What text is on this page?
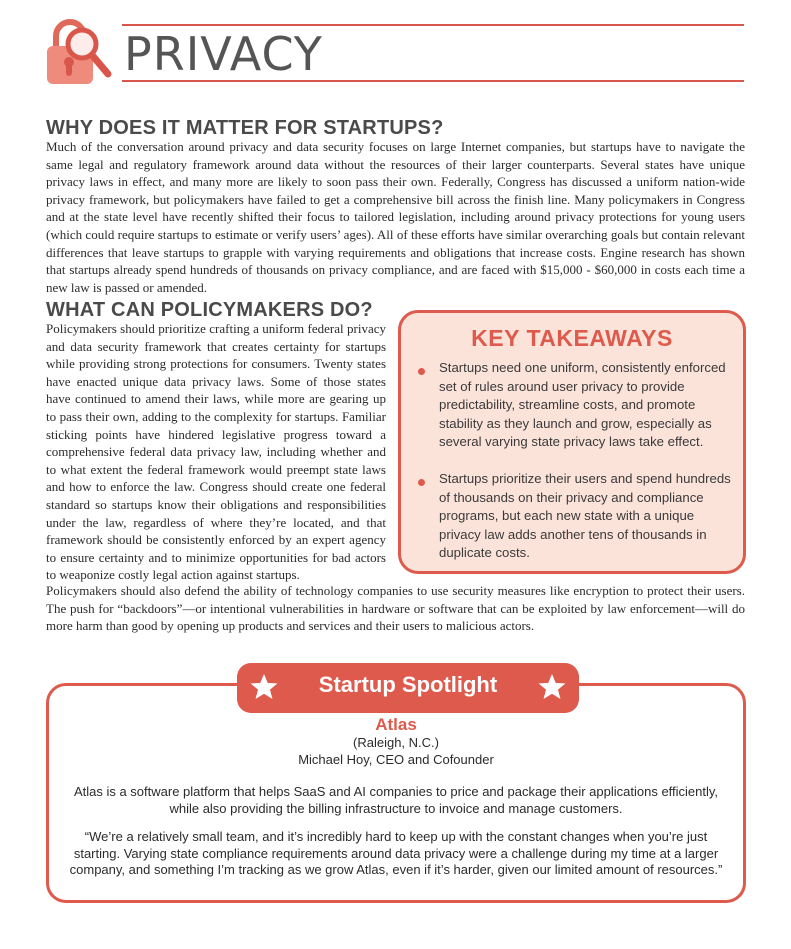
PRIVACY
WHY DOES IT MATTER FOR STARTUPS?

Much of the conversation around privacy and data security focuses on large Internet companies, but startups have to navigate the same legal and regulatory framework around data without the resources of their larger counterparts. Several states have unique privacy laws in effect, and many more are likely to soon pass their own. Federally, Congress has discussed a uniform nation-wide privacy framework, but policymakers have failed to get a comprehensive bill across the finish line. Many policymakers in Congress and at the state level have recently shifted their focus to tailored legislation, including around privacy protections for young users (which could require startups to estimate or verify users’ ages). All of these efforts have similar overarching goals but contain relevant differences that leave startups to grapple with varying requirements and obligations that increase costs. Engine research has shown that startups already spend hundreds of thousands on privacy compliance, and are faced with $15,000 - $60,000 in costs each time a new law is passed or amended.

WHAT CAN POLICYMAKERS DO?

Policymakers should prioritize crafting a uniform federal privacy and data security framework that creates certainty for startups while providing strong protections for consumers. Twenty states have enacted unique data privacy laws. Some of those states have continued to amend their laws, while more are gearing up to pass their own, adding to the complexity for startups. Familiar sticking points have hindered legislative progress toward a comprehensive federal data privacy law, including whether and to what extent the federal framework would preempt state laws and how to enforce the law. Congress should create one federal standard so startups know their obligations and responsibilities under the law, regardless of where they’re located, and that framework should be consistently enforced by an expert agency to ensure certainty and to minimize opportunities for bad actors to weaponize costly legal action against startups.

KEY TAKEAWAYS
Startups need one uniform, consistently enforced set of rules around user privacy to provide predictability, streamline costs, and promote stability as they launch and grow, especially as several varying state privacy laws take effect.
Startups prioritize their users and spend hundreds of thousands on their privacy and compliance programs, but each new state with a unique privacy law adds another tens of thousands in duplicate costs.

Policymakers should also defend the ability of technology companies to use security measures like encryption to protect their users. The push for “backdoors”—or intentional vulnerabilities in hardware or software that can be exploited by law enforcement—will do more harm than good by opening up products and services and their users to malicious actors.

Startup Spotlight
Atlas
(Raleigh, N.C.)
Michael Hoy, CEO and Cofounder
Atlas is a software platform that helps SaaS and AI companies to price and package their applications efficiently, while also providing the billing infrastructure to invoice and manage customers.
“We’re a relatively small team, and it’s incredibly hard to keep up with the constant changes when you’re just starting. Varying state compliance requirements around data privacy were a challenge during my time at a larger company, and something I’m tracking as we grow Atlas, even if it’s harder, given our limited amount of resources.”
